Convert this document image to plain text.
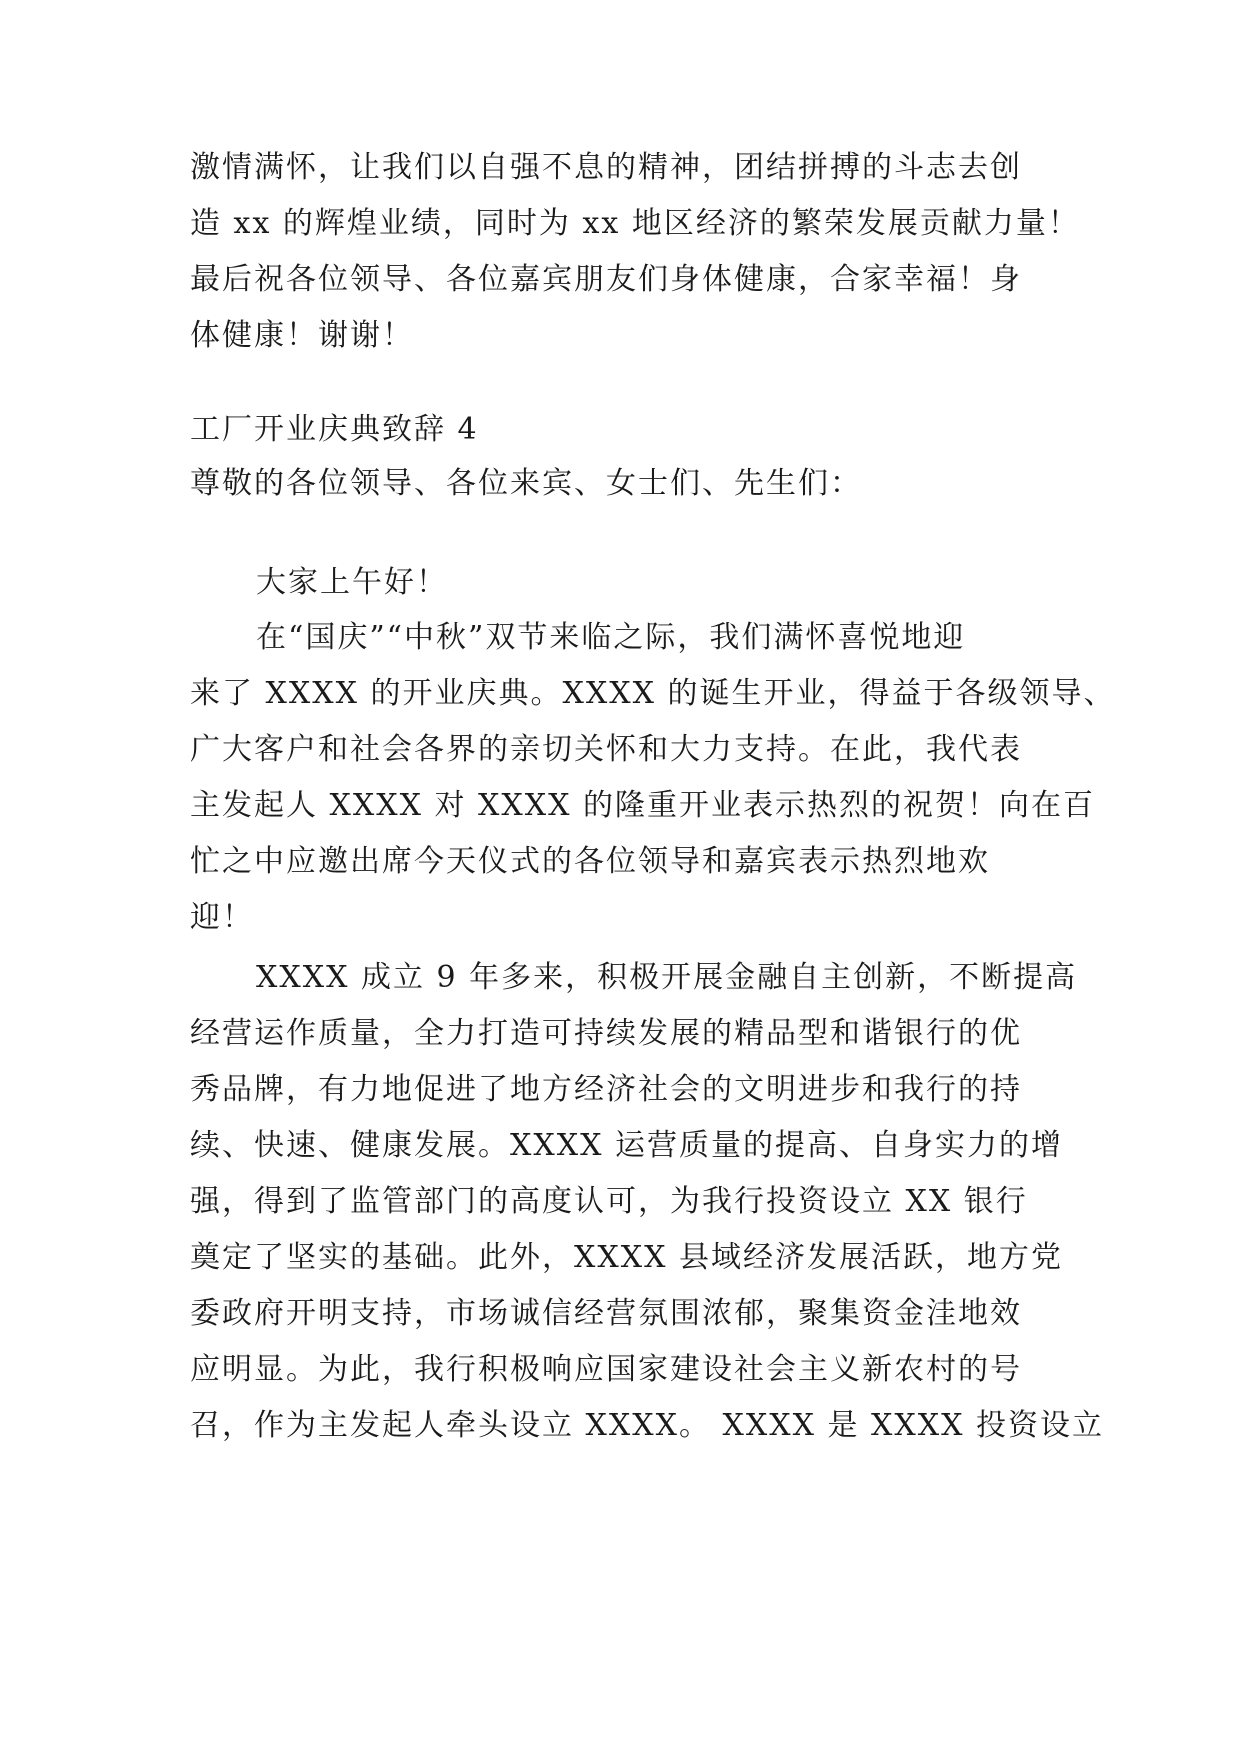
激情满怀，让我们以自强不息的精神，团结拼搏的斗志去创
造 xx 的辉煌业绩，同时为 xx 地区经济的繁荣发展贡献力量！
最后祝各位领导、各位嘉宾朋友们身体健康，合家幸福！身
体健康！谢谢！
工厂开业庆典致辞 4
尊敬的各位领导、各位来宾、女士们、先生们：
大家上午好！
在“国庆”“中秋”双节来临之际，我们满怀喜悦地迎
来了 XXXX 的开业庆典。XXXX 的诞生开业，得益于各级领导、
广大客户和社会各界的亲切关怀和大力支持。在此，我代表
主发起人 XXXX 对 XXXX 的隆重开业表示热烈的祝贺！向在百
忙之中应邀出席今天仪式的各位领导和嘉宾表示热烈地欢
迎！
XXXX 成立 9 年多来，积极开展金融自主创新，不断提高
经营运作质量，全力打造可持续发展的精品型和谐银行的优
秀品牌，有力地促进了地方经济社会的文明进步和我行的持
续、快速、健康发展。XXXX 运营质量的提高、自身实力的增
强，得到了监管部门的高度认可，为我行投资设立 XX 银行
奠定了坚实的基础。此外，XXXX 县域经济发展活跃，地方党
委政府开明支持，市场诚信经营氛围浓郁，聚集资金洼地效
应明显。为此，我行积极响应国家建设社会主义新农村的号
召，作为主发起人牵头设立 XXXX。 XXXX 是 XXXX 投资设立
